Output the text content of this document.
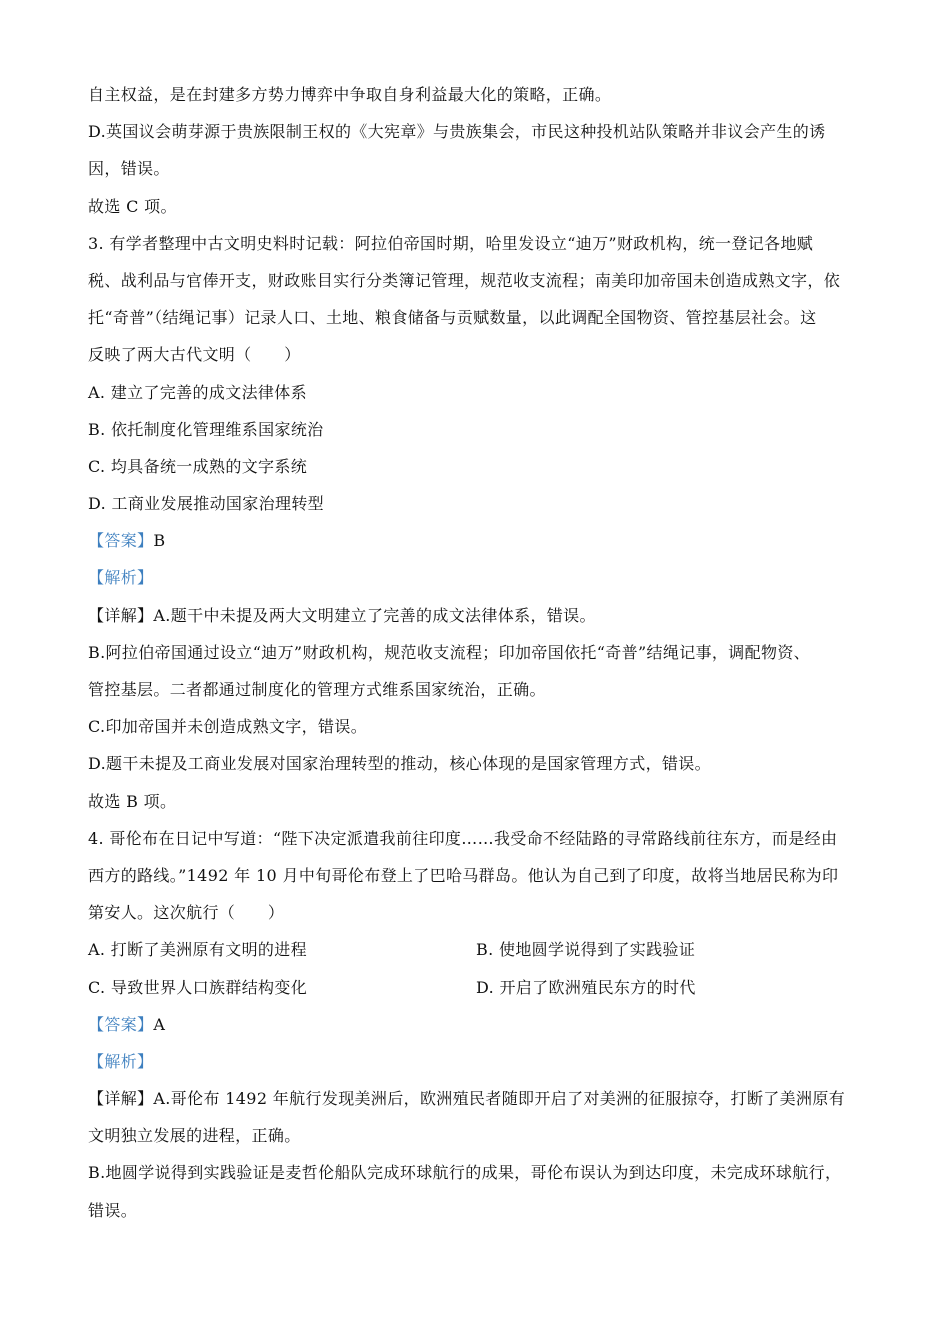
自主权益，是在封建多方势力博弈中争取自身利益最大化的策略，正确。
D.英国议会萌芽源于贵族限制王权的《大宪章》与贵族集会，市民这种投机站队策略并非议会产生的诱
因，错误。
故选 C 项。
3. 有学者整理中古文明史料时记载：阿拉伯帝国时期，哈里发设立“迪万”财政机构，统一登记各地赋
税、战利品与官俸开支，财政账目实行分类簿记管理，规范收支流程；南美印加帝国未创造成熟文字，依
托“奇普”（结绳记事）记录人口、土地、粮食储备与贡赋数量，以此调配全国物资、管控基层社会。这
反映了两大古代文明（　　）
A. 建立了完善的成文法律体系
B. 依托制度化管理维系国家统治
C. 均具备统一成熟的文字系统
D. 工商业发展推动国家治理转型
【答案】B
【解析】
【详解】A.题干中未提及两大文明建立了完善的成文法律体系，错误。
B.阿拉伯帝国通过设立“迪万”财政机构，规范收支流程；印加帝国依托“奇普”结绳记事，调配物资、
管控基层。二者都通过制度化的管理方式维系国家统治，正确。
C.印加帝国并未创造成熟文字，错误。
D.题干未提及工商业发展对国家治理转型的推动，核心体现的是国家管理方式，错误。
故选 B 项。
4. 哥伦布在日记中写道：“陛下决定派遣我前往印度……我受命不经陆路的寻常路线前往东方，而是经由
西方的路线。”1492 年 10 月中旬哥伦布登上了巴哈马群岛。他认为自己到了印度，故将当地居民称为印
第安人。这次航行（　　）
A. 打断了美洲原有文明的进程	B. 使地圆学说得到了实践验证
C. 导致世界人口族群结构变化	D. 开启了欧洲殖民东方的时代
【答案】A
【解析】
【详解】A.哥伦布 1492 年航行发现美洲后，欧洲殖民者随即开启了对美洲的征服掠夺，打断了美洲原有
文明独立发展的进程，正确。
B.地圆学说得到实践验证是麦哲伦船队完成环球航行的成果，哥伦布误认为到达印度，未完成环球航行，
错误。
